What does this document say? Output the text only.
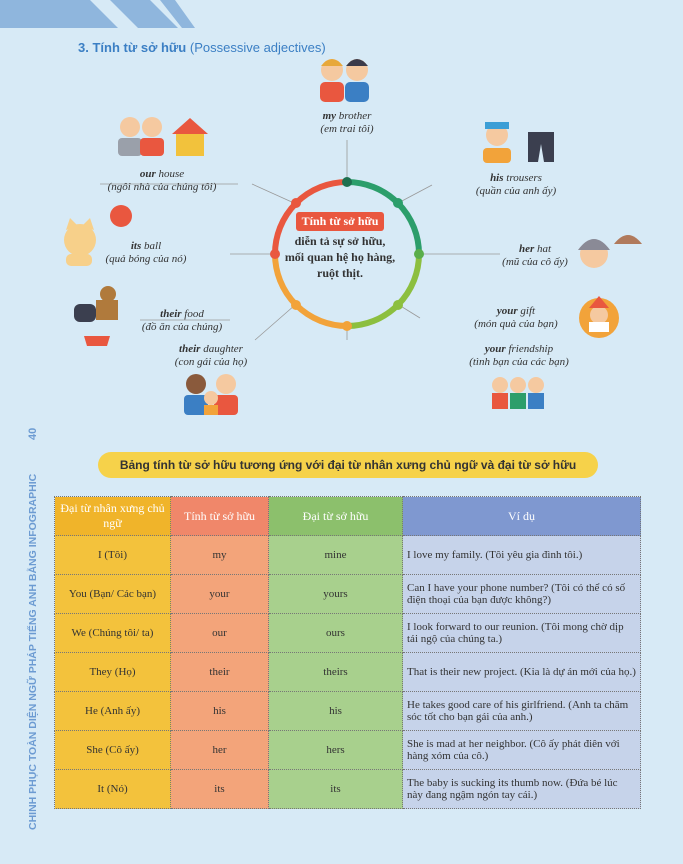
40
CHINH PHỤC TOÀN DIỆN NGỮ PHÁP TIẾNG ANH BẰNG INFOGRAPHIC
3. Tính từ sở hữu (Possessive adjectives)
Tính từ sở hữu
diễn tả sự sở hữu,
mối quan hệ họ hàng,
ruột thịt.
my brother
(em trai tôi)
his trousers
(quần của anh ấy)
her hat
(mũ của cô ấy)
your gift
(món quà của bạn)
your friendship
(tình bạn của các bạn)
their daughter
(con gái của họ)
their food
(đồ ăn của chúng)
its ball
(quả bóng của nó)
our house
(ngôi nhà của chúng tôi)
Bảng tính từ sở hữu tương ứng với đại từ nhân xưng chủ ngữ và đại từ sở hữu
Đại từ nhân xưng chủ ngữ	Tính từ sở hữu	Đại từ sở hữu	Ví dụ
I (Tôi)	my	mine	I love my family. (Tôi yêu gia đình tôi.)
You (Bạn/ Các bạn)	your	yours	Can I have your phone number? (Tôi có thể có số điện thoại của bạn được không?)
We (Chúng tôi/ ta)	our	ours	I look forward to our reunion. (Tôi mong chờ dịp tái ngộ của chúng ta.)
They (Họ)	their	theirs	That is their new project. (Kia là dự án mới của họ.)
He (Anh ấy)	his	his	He takes good care of his girlfriend. (Anh ta chăm sóc tốt cho bạn gái của anh.)
She (Cô ấy)	her	hers	She is mad at her neighbor. (Cô ấy phát điên với hàng xóm của cô.)
It (Nó)	its	its	The baby is sucking its thumb now. (Đứa bé lúc này đang ngậm ngón tay cái.)
